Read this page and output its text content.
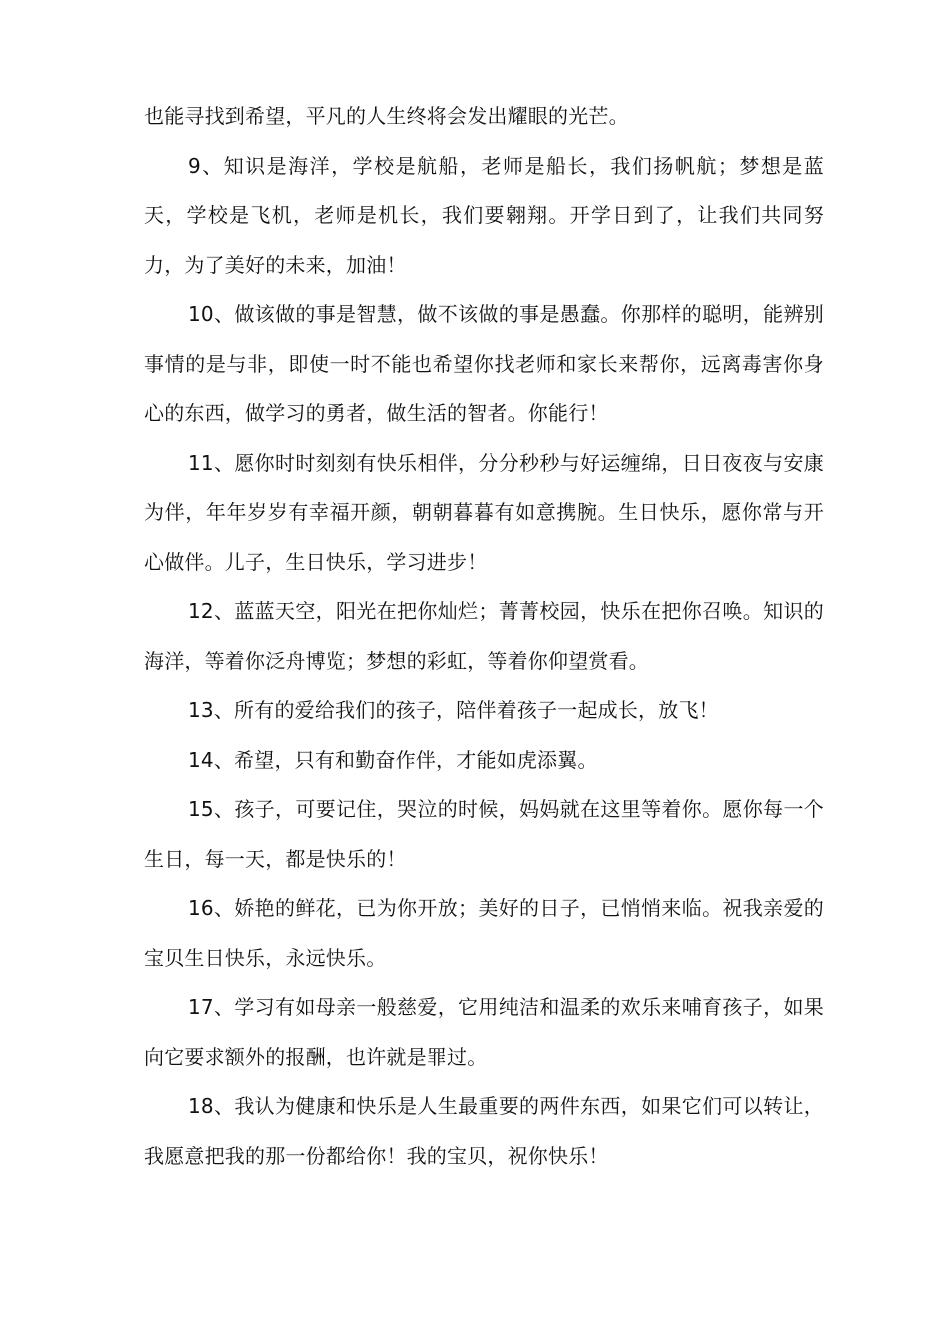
也能寻找到希望，平凡的人生终将会发出耀眼的光芒。

9、知识是海洋，学校是航船，老师是船长，我们扬帆航；梦想是蓝天，学校是飞机，老师是机长，我们要翱翔。开学日到了，让我们共同努力，为了美好的未来，加油！

10、做该做的事是智慧，做不该做的事是愚蠢。你那样的聪明，能辨别事情的是与非，即使一时不能也希望你找老师和家长来帮你，远离毒害你身心的东西，做学习的勇者，做生活的智者。你能行！

11、愿你时时刻刻有快乐相伴，分分秒秒与好运缠绵，日日夜夜与安康为伴，年年岁岁有幸福开颜，朝朝暮暮有如意携腕。生日快乐，愿你常与开心做伴。儿子，生日快乐，学习进步！

12、蓝蓝天空，阳光在把你灿烂；菁菁校园，快乐在把你召唤。知识的海洋，等着你泛舟博览；梦想的彩虹，等着你仰望赏看。

13、所有的爱给我们的孩子，陪伴着孩子一起成长，放飞！

14、希望，只有和勤奋作伴，才能如虎添翼。

15、孩子，可要记住，哭泣的时候，妈妈就在这里等着你。愿你每一个生日，每一天，都是快乐的！

16、娇艳的鲜花，已为你开放；美好的日子，已悄悄来临。祝我亲爱的宝贝生日快乐，永远快乐。

17、学习有如母亲一般慈爱，它用纯洁和温柔的欢乐来哺育孩子，如果向它要求额外的报酬，也许就是罪过。

18、我认为健康和快乐是人生最重要的两件东西，如果它们可以转让，我愿意把我的那一份都给你！我的宝贝，祝你快乐！
